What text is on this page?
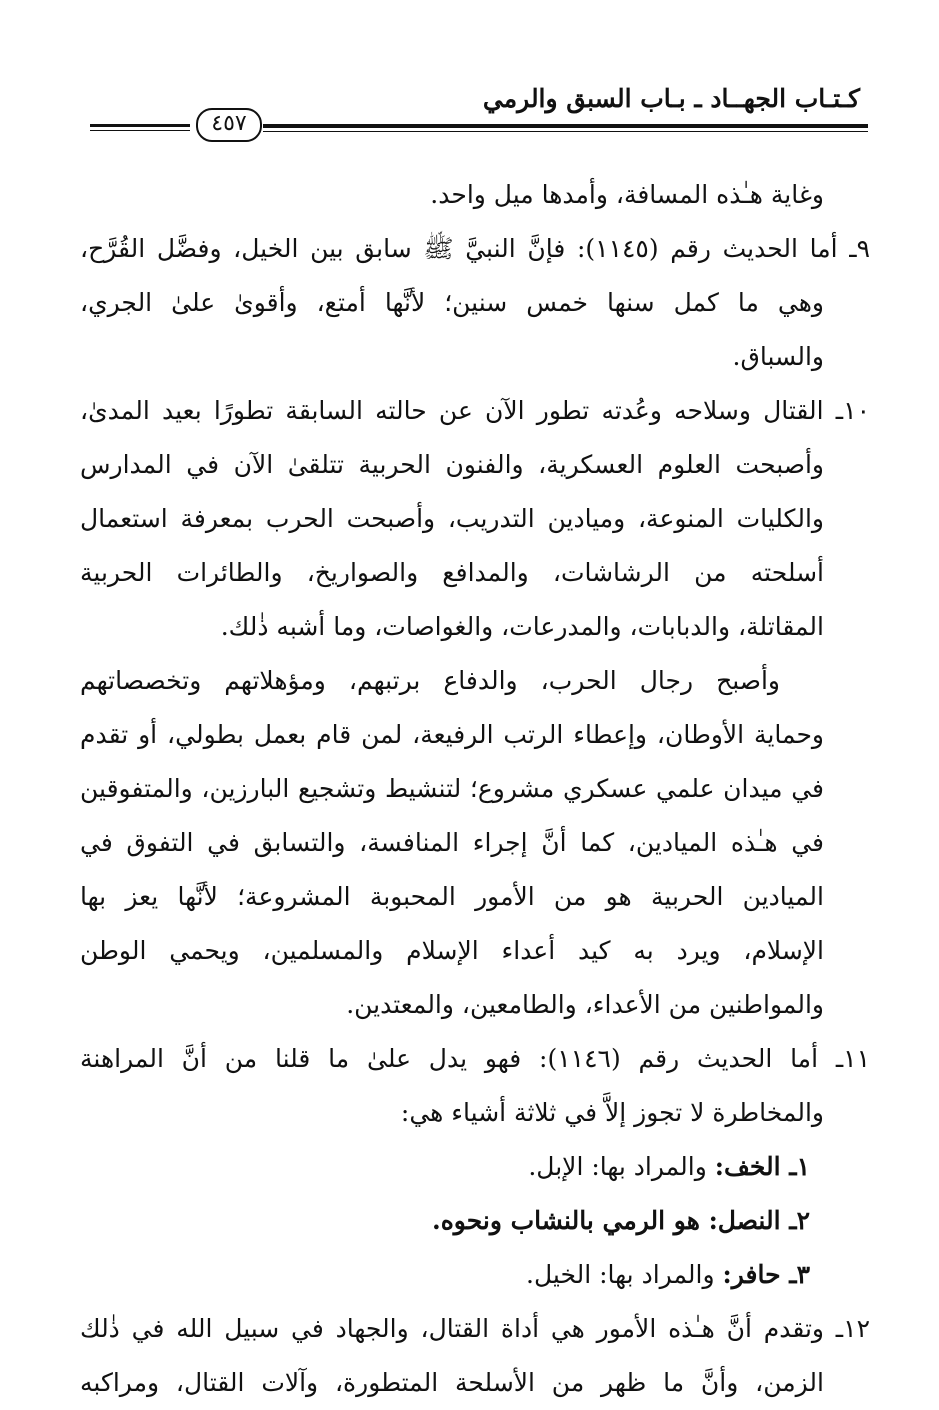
كـتـاب الجهــاد ـ بـاب السبق والرمي
٤٥٧
وغاية هـٰذه المسافة، وأمدها ميل واحد.
٩ـ أما الحديث رقم (١١٤٥): فإنَّ النبيَّ ﷺ سابق بين الخيل، وفضَّل القُرَّح،
وهي ما كمل سنها خمس سنين؛ لأنَّها أمتع، وأقوىٰ علىٰ الجري،
والسباق.
١٠ـ القتال وسلاحه وعُدته تطور الآن عن حالته السابقة تطورًا بعيد المدىٰ،
وأصبحت العلوم العسكرية، والفنون الحربية تتلقىٰ الآن في المدارس
والكليات المنوعة، وميادين التدريب، وأصبحت الحرب بمعرفة استعمال
أسلحته من الرشاشات، والمدافع والصواريخ، والطائرات الحربية
المقاتلة، والدبابات، والمدرعات، والغواصات، وما أشبه ذٰلك.
وأصبح رجال الحرب، والدفاع برتبهم، ومؤهلاتهم وتخصصاتهم
وحماية الأوطان، وإعطاء الرتب الرفيعة، لمن قام بعمل بطولي، أو تقدم
في ميدان علمي عسكري مشروع؛ لتنشيط وتشجيع البارزين، والمتفوقين
في هـٰذه الميادين، كما أنَّ إجراء المنافسة، والتسابق في التفوق في
الميادين الحربية هو من الأمور المحبوبة المشروعة؛ لأنَّها يعز بها
الإسلام، ويرد به كيد أعداء الإسلام والمسلمين، ويحمي الوطن
والمواطنين من الأعداء، والطامعين، والمعتدين.
١١ـ أما الحديث رقم (١١٤٦): فهو يدل علىٰ ما قلنا من أنَّ المراهنة
والمخاطرة لا تجوز إلاَّ في ثلاثة أشياء هي:
١ـ الخف: والمراد بها: الإبل.
٢ـ النصل: هو الرمي بالنشاب ونحوه.
٣ـ حافر: والمراد بها: الخيل.
١٢ـ وتقدم أنَّ هـٰذه الأمور هي أداة القتال، والجهاد في سبيل الله في ذٰلك
الزمن، وأنَّ ما ظهر من الأسلحة المتطورة، وآلات القتال، ومراكبه
